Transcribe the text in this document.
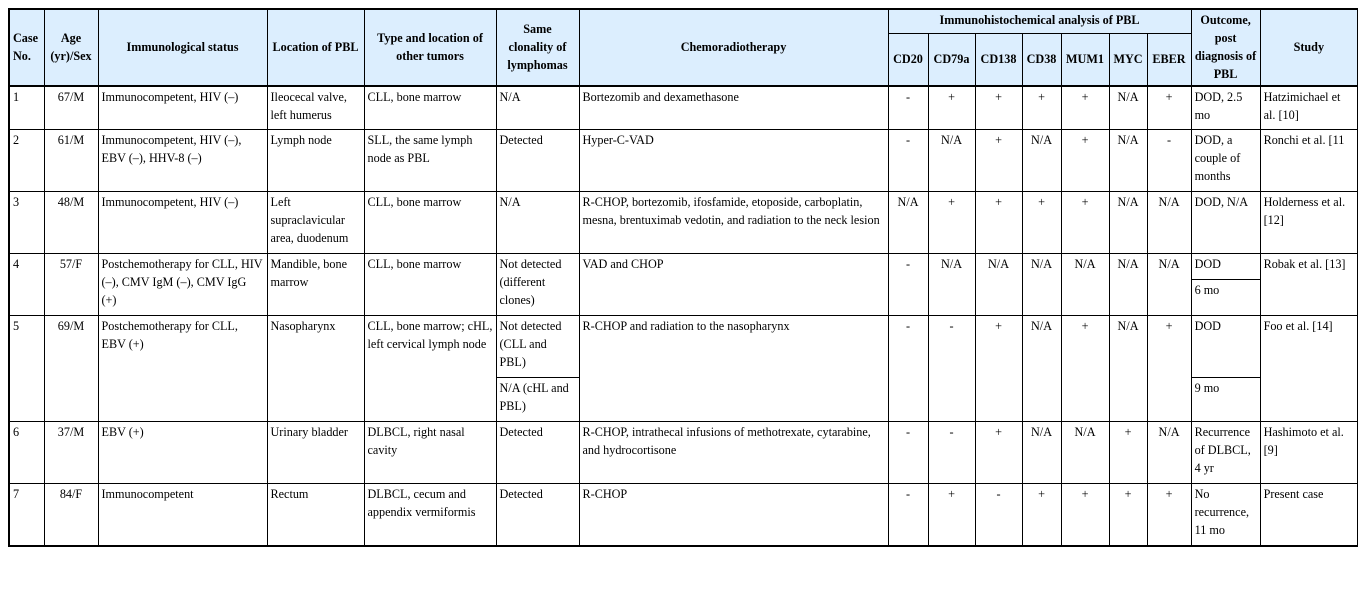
Case No.	Age (yr)/Sex	Immunological status	Location of PBL	Type and location of other tumors	Same clonality of lymphomas	Chemoradiotherapy	Immunohistochemical analysis of PBL							Outcome, post diagnosis of PBL	Study
							CD20	CD79a	CD138	CD38	MUM1	MYC	EBER		
1	67/M	Immunocompetent, HIV (–)	Ileocecal valve, left humerus	CLL, bone marrow	N/A	Bortezomib and dexamethasone	-	+	+	+	+	N/A	+	DOD, 2.5 mo	Hatzimichael et al. [10]
2	61/M	Immunocompetent, HIV (–), EBV (–), HHV-8 (–)	Lymph node	SLL, the same lymph node as PBL	Detected	Hyper-C-VAD	-	N/A	+	N/A	+	N/A	-	DOD, a couple of months	Ronchi et al. [11
3	48/M	Immunocompetent, HIV (–)	Left supraclavicular area, duodenum	CLL, bone marrow	N/A	R-CHOP, bortezomib, ifosfamide, etoposide, carboplatin, mesna, brentuximab vedotin, and radiation to the neck lesion	N/A	+	+	+	+	N/A	N/A	DOD, N/A	Holderness et al. [12]
4	57/F	Postchemotherapy for CLL, HIV (–), CMV IgM (–), CMV IgG (+)	Mandible, bone marrow	CLL, bone marrow	Not detected (different clones)	VAD and CHOP	-	N/A	N/A	N/A	N/A	N/A	N/A	DOD	Robak et al. [13]
														6 mo	
5	69/M	Postchemotherapy for CLL, EBV (+)	Nasopharynx	CLL, bone marrow; cHL, left cervical lymph node	Not detected (CLL and PBL)	R-CHOP and radiation to the nasopharynx	-	-	+	N/A	+	N/A	+	DOD	Foo et al. [14]
					N/A (cHL and PBL)									9 mo	
6	37/M	EBV (+)	Urinary bladder	DLBCL, right nasal cavity	Detected	R-CHOP, intrathecal infusions of methotrexate, cytarabine, and hydrocortisone	-	-	+	N/A	N/A	+	N/A	Recurrence of DLBCL, 4 yr	Hashimoto et al. [9]
7	84/F	Immunocompetent	Rectum	DLBCL, cecum and appendix vermiformis	Detected	R-CHOP	-	+	-	+	+	+	+	No recurrence, 11 mo	Present case
